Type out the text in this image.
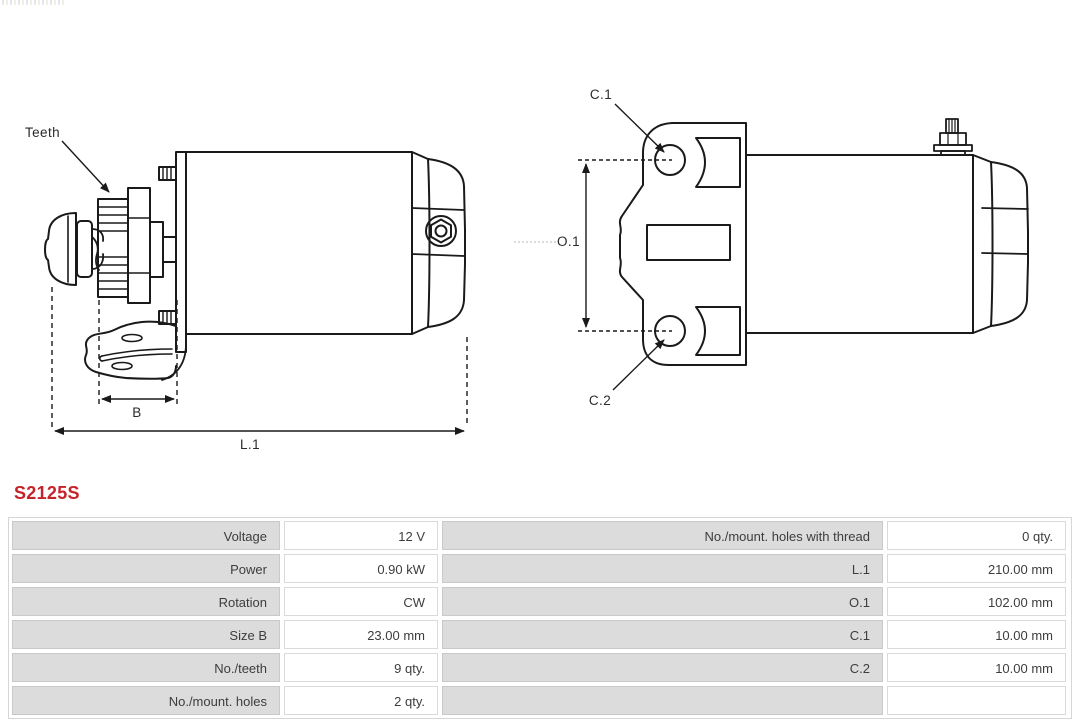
Teeth
B
L.1
C.1
O.1
C.2
S2125S
Voltage	12 V	No./mount. holes with thread	0 qty.
Power	0.90 kW	L.1	210.00 mm
Rotation	CW	O.1	102.00 mm
Size B	23.00 mm	C.1	10.00 mm
No./teeth	9 qty.	C.2	10.00 mm
No./mount. holes	2 qty.
